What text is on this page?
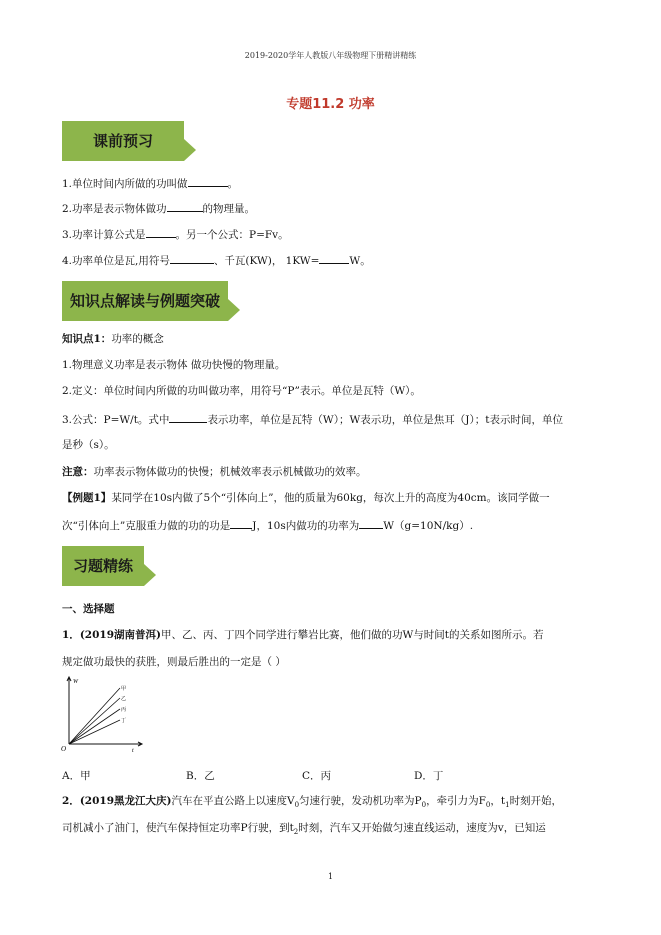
2019-2020学年人教版八年级物理下册精讲精练
专题11.2 功率
课前预习
1.单位时间内所做的功叫做	。
2.功率是表示物体做功	的物理量。
3.功率计算公式是	。另一个公式：P=Fv。
4.功率单位是瓦,用符号	、千瓦(KW)， 1KW=	W。
知识点解读与例题突破
知识点1：功率的概念
1.物理意义功率是表示物体 做功快慢的物理量。
2.定义：单位时间内所做的功叫做功率，用符号“P”表示。单位是瓦特（W）。
3.公式：P=W/t。式中	表示功率，单位是瓦特（W）；W表示功，单位是焦耳（J）；t表示时间，单位
是秒（s）。
注意：功率表示物体做功的快慢；机械效率表示机械做功的效率。
【例题1】某同学在10s内做了5个“引体向上”，他的质量为60kg，每次上升的高度为40cm。该同学做一
次“引体向上”克服重力做的功的功是 J，10s内做功的功率为 W（g=10N/kg）.
习题精练
一、选择题
1．(2019湖南普洱)甲、乙、丙、丁四个同学进行攀岩比赛，他们做的功W与时间t的关系如图所示。若
规定做功最快的获胜，则最后胜出的一定是（ ）
W
t
O
甲
乙
丙
丁
A．甲	B．乙	C．丙	D．丁
2．(2019黑龙江大庆)汽车在平直公路上以速度$V_0$匀速行驶，发动机功率为$P_0$，牵引力为$F_0$，$t_1$时刻开始，
司机减小了油门，使汽车保持恒定功率P行驶，到$t_2$时刻，汽车又开始做匀速直线运动，速度为v，已知运
1
